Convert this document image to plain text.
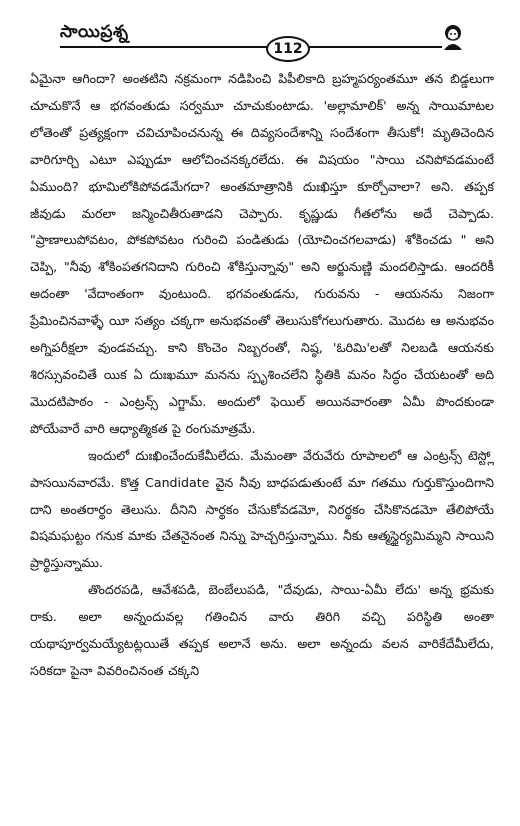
సాయిప్రశ్న
112

ఏమైనా ఆగిందా? అంతటిని నక్రమంగా నడిపించి పిపీలికాది బ్రహ్మపర్యంతమూ తన బిడ్డలుగా చూచుకొనే ఆ భగవంతుడు సర్వమూ చూచుకుంటాడు. 'అల్లామాలిక్' అన్న సాయిమాటల లోతెంతో ప్రత్యక్షంగా చవిచూపించనున్న ఈ దివ్యసందేశాన్ని సందేశంగా తీసుకో! మృతిచెందిన వారిగూర్చి ఎటూ ఎప్పుడూ ఆలోచించనక్కరలేదు. ఈ విషయం "సాయి చనిపోవడమంటే ఏముంది? భూమిలోకిపోవడమేగదా? అంతమాత్రానికి దుఃఖిస్తూ కూర్చోవాలా? అని. తప్పక జీవుడు మరలా జన్మించితీరుతాడని చెప్పారు. కృష్ణుడు గీతలోను అదే చెప్పాడు. "ప్రాణాలుపోవటం, పోకపోవటం గురించి పండితుడు (యోచించగలవాడు) శోకించడు " అని చెప్పి, "నీవు శోకింపతగనిదాని గురించి శోకిస్తున్నావు" అని అర్జునుణ్ణి మందలిస్తాడు. ఆందరికీ అదంతా 'వేదాంతంగా వుంటుంది. భగవంతుడను, గురువను - ఆయనను నిజంగా ప్రేమించినవాళ్ళే యీ సత్యం చక్కగా అనుభవంతో తెలుసుకోగలుగుతారు. మొదట ఆ అనుభవం అగ్నిపరీక్షలా వుండవచ్చు. కాని కొంచెం నిబ్బరంతో, నిష్ఠ, 'ఓరిమి'లతో నిలబడి ఆయనకు శిరస్సువంచితే యిక ఏ దుఃఖమూ మనను స్పృశించలేని స్థితికి మనం సిద్ధం చేయటంతో అది మొదటిపాఠం - ఎంట్రన్స్ ఎగ్జామ్. అందులో ఫెయిల్ అయినవారంతా ఏమీ పొందకుండా పోయేవారే వారి ఆధ్యాత్మికత పై రంగుమాత్రమే.

ఇందులో దుఃఖించేందుకేమీలేదు. మేమంతా వేరువేరు రూపాలలో ఆ ఎంట్రన్స్ టెస్ట్లో పాసయినవారమే. కొత్త Candidate వైన నీవు బాధపడుతుంటే మా గతము గుర్తుకొస్తుందిగాని దాని అంతరార్థం తెలుసు. దీనిని సార్థకం చేసుకోవడమో, నిరర్థకం చేసికొనడమో తేలిపోయే విషమఘట్టం గనుక మాకు చేతనైనంత నిన్ను హెచ్చరిస్తున్నాము. నీకు ఆత్మస్థైర్యమిమ్మని సాయిని ప్రార్థిస్తున్నాము.

తొందరపడి, ఆవేశపడి, బెంబేలుపడి, "దేవుడు, సాయి-ఏమీ లేదు' అన్న భ్రమకు రాకు. అలా అన్నందువల్ల గతించిన వారు తిరిగి వచ్చి పరిస్థితి అంతా యథాపూర్వమయ్యేటట్లయితే తప్పక అలానే అను. అలా అన్నందు వలన వారికేదేమీలేదు, సరికదా పైనా వివరించినంత చక్కని
